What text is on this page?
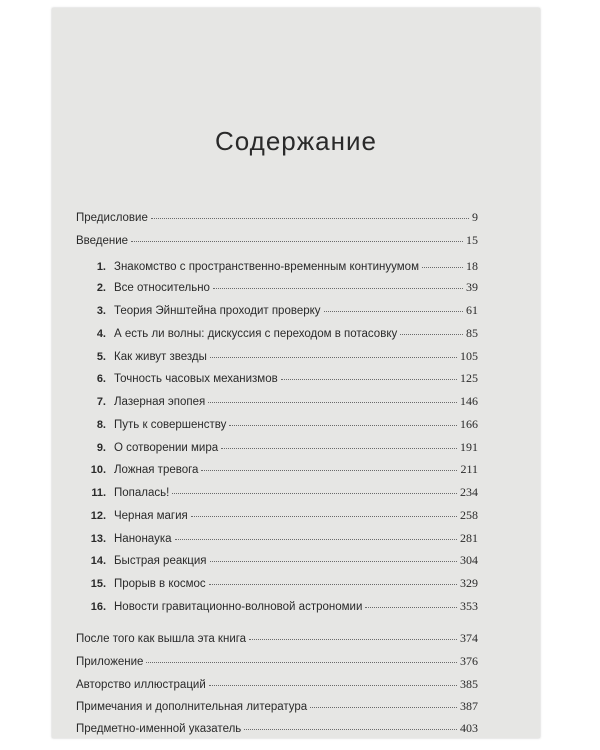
Содержание
Предисловие	9
Введение	15
1. Знакомство с пространственно-временным континуумом	18
2. Все относительно	39
3. Теория Эйнштейна проходит проверку	61
4. А есть ли волны: дискуссия с переходом в потасовку	85
5. Как живут звезды	105
6. Точность часовых механизмов	125
7. Лазерная эпопея	146
8. Путь к совершенству	166
9. О сотворении мира	191
10. Ложная тревога	211
11. Попалась!	234
12. Черная магия	258
13. Нанонаука	281
14. Быстрая реакция	304
15. Прорыв в космос	329
16. Новости гравитационно-волновой астрономии	353
После того как вышла эта книга	374
Приложение	376
Авторство иллюстраций	385
Примечания и дополнительная литература	387
Предметно-именной указатель	403
